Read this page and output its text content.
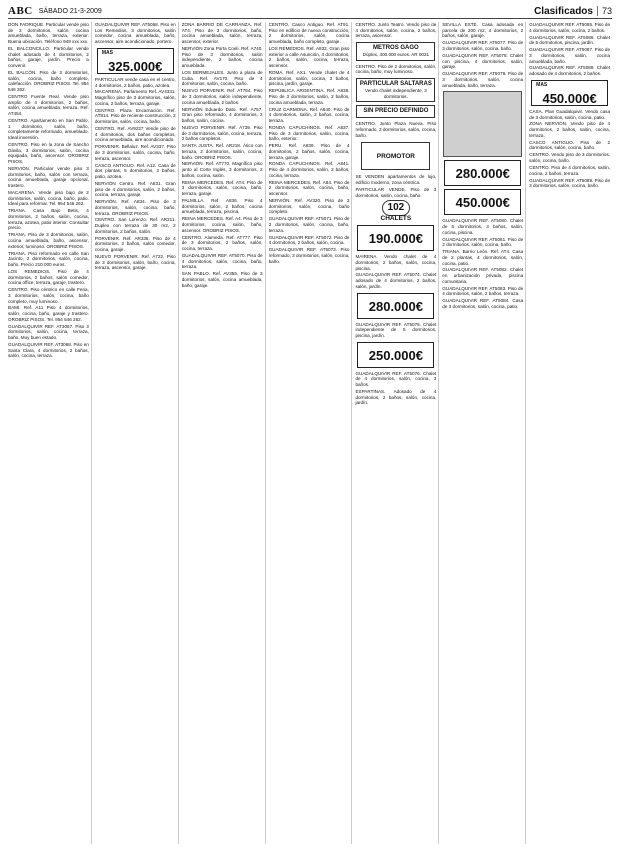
ABC SÁBADO 21-3-2009	Clasificados	73

DON FADRIQUE. Particular vende piso de 3 dormitorios, salón, cocina amueblada, baño, terraza, exterior. Buena ubicación. Teléfono 949 xxx xxx.

EL BALCONCILLO. Particular vende chalet adosado de 4 dormitorios, 2 baños, garaje, jardín. Precio a convenir.

EL BALCÓN. Piso de 3 dormitorios, salón, cocina, baño completo, calefacción. OROBRIZ PISOS. Tel. 954 546 262.

CENTRO Fuente Real. Vende piso amplio de 4 dormitorios, 2 baños, salón, cocina amueblada, terraza. Ref. AT454.

CENTRO. Apartamento en San Pablo, 1 dormitorio, salón, baño, completamente reformado, amueblado. Ideal inversión.

CENTRO. Piso en la zona de Sancho Dávila, 3 dormitorios, salón, cocina equipada, baño, ascensor. OROBRIZ PISOS.

NERVIÓN. Particular vende piso 3 dormitorios, baño, salón con terraza, cocina amueblada, garaje opcional, trastero.

MACARENA. Vende piso bajo de 2 dormitorios, salón, cocina, baño, patio. Ideal para reformar. Tel. 954 546 262.

TRIANA. Casa Bajo Betis, 4 dormitorios, 2 baños, salón, cocina, terraza, azotea, patio interior. Consultar precio.

TRIANA. Piso de 3 dormitorios, salón, cocina amueblada, baño, ascensor, exterior, luminoso. OROBRIZ PISOS.

TRIANA. Piso reformado en calle San Jacinto, 2 dormitorios, salón, cocina, baño. Precio 210.000 euros.

LOS REMEDIOS. Piso de 4 dormitorios, 2 baños, salón comedor, cocina office, terraza, garaje, trastero.

CENTRO. Piso céntrico en calle Feria, 3 dormitorios, salón, cocina, baño completo, muy luminoso.

BAMI. Ref. A11 Piso 4 dormitorios, salón, cocina, baño, garaje y trastero. OROBRIZ PISOS. Tel. 954 546 262.

GUADALQUIVIR REF. AT3067. Piso 3 dormitorios, salón, cocina, terraza, baño. Muy buen estado.

GUADALQUIVIR REF. AT3068. Piso en Santa Clara, 4 dormitorios, 2 baños, salón, cocina, terraza.

GUADALQUIVIR REF. AT5068. Piso en Los Remedios, 3 dormitorios, salón comedor, cocina amueblada, baño, ascensor, aire acondicionado, portero.

MAS
325.000€

PARTICULAR vende casa en el centro, 4 dormitorios, 2 baños, patio, azotea.

MACARENA. Parlamento Ref. AV4331. Magnífico piso de 3 dormitorios, salón, cocina, 2 baños, terraza, garaje.

CENTRO. Plaza Encarnación. Ref. AT814. Piso de reciente construcción, 2 dormitorios, salón, cocina, baño.

CENTRO. Ref. AV9227 Vende piso de 4 dormitorios, dos baños completos, cocina amueblada, aire acondicionado.

PORVENIR. Bellaluz. Ref. AV337. Piso de 3 dormitorios, salón, cocina, baño, terraza, ascensor.

CASCO ANTIGUO. Ref. A12. Casa de dos plantas, 5 dormitorios, 2 baños, patio, azotea.

NERVIÓN Centro. Ref. A831. Gran piso de 4 dormitorios, salón, 2 baños, cocina, terraza, garaje.

NERVIÓN. Ref. A834. Piso de 3 dormitorios, salón, cocina, baño, terraza. OROBRIZ PISOS.

CENTRO. San Lorenzo. Ref. AR211. Duplex con terraza de 30 m2, 2 dormitorios, 2 baños, salón.

PORVENIR. Ref. AR336. Piso de 4 dormitorios, 2 baños, salón comedor, cocina, garaje.

NUEVO PORVENIR. Ref. A722. Piso de 3 dormitorios, salón, baño, cocina, terraza, ascensor, garaje.

ZONA BARRIO DE CARRANZA. Ref. AT4. Piso de 3 dormitorios, baño, cocina amueblada, salón, terraza, ascensor, exterior.

NERVIÓN Zona Porta Coeli. Ref. A740. Piso de 3 dormitorios, salón independiente, 2 baños, cocina amueblada.

LOS BERMEJALES. Junto a plaza de Cuba. Ref. AV170. Piso de 4 dormitorios, salón, cocina, baño.

NUEVO PORVENIR. Ref. AT764. Piso de 3 dormitorios, salón independiente, cocina amueblada, 2 baños.

NERVIÓN Eduardo Dato. Ref. A757. Gran piso reformado, 4 dormitorios, 2 baños, salón, cocina.

NUEVO PORVENIR. Ref. A739. Piso de 3 dormitorios, salón, cocina, terraza, 2 baños completos.

SANTA JUSTA. Ref. AR218. Ático con terraza, 2 dormitorios, salón, cocina, baño. OROBRIZ PISOS.

NERVIÓN. Ref. AT770. Magnífico piso junto al Corte Inglés, 3 dormitorios, 2 baños, cocina, salón.

REINA MERCEDES. Ref. AT4. Piso de 3 dormitorios, salón, cocina, baño, terraza, garaje.

PALMILLA. Ref. A836. Piso 4 dormitorios, salón, 2 baños, cocina amueblada, terraza, piscina.

REINA MERCEDES. Ref. A4. Piso de 3 dormitorios, cocina, salón, baño, ascensor. OROBRIZ PISOS.

CENTRO. Alameda. Ref. AT777. Piso de 3 dormitorios, 2 baños, salón, cocina, terraza.

GUADALQUIVIR REF. AT5070. Piso de 4 dormitorios, salón, cocina, baño, terraza.

SAN PABLO. Ref. AV355. Piso de 3 dormitorios, salón, cocina amueblada, baño, garaje.

CENTRO. Casco Antiguo. Ref. AT91. Piso en edificio de nueva construcción, 2 dormitorios, salón, cocina amueblada, baño completo, garaje.

LOS REMEDIOS. Ref. A832. Gran piso exterior a calle Asunción, 4 dormitorios, 2 baños, salón, cocina, terraza, ascensor.

ROMA. Ref. AX1. Vende chalet de 4 dormitorios, salón, cocina, 3 baños, piscina, jardín, garaje.

REPÚBLICA ARGENTINA. Ref. A838. Piso de 3 dormitorios, salón, 2 baños, cocina amueblada, terraza.

CRUZ CARMONA. Ref. A840. Piso de 4 dormitorios, salón, 2 baños, cocina, terraza.

RONDA CAPUCHINOS. Ref. A837. Piso de 3 dormitorios, salón, cocina, baño, exterior.

PERU. Ref. A839. Piso de 4 dormitorios, 2 baños, salón, cocina, terraza, garaje.

RONDA CAPUCHINOS. Ref. A841. Piso de 4 dormitorios, salón, 2 baños, cocina, terraza.

REINA MERCEDES. Ref. A84. Piso de 2 dormitorios, salón, cocina, baño, ascensor.

NERVIÓN. Ref. AV320. Piso de 3 dormitorios, salón, cocina, baño completo.

GUADALQUIVIR REF. AT5071. Piso de 3 dormitorios, salón, cocina, baño, terraza.

GUADALQUIVIR REF. AT5072. Piso de 4 dormitorios, 2 baños, salón, cocina.

GUADALQUIVIR REF. AT5073. Piso reformado, 3 dormitorios, salón, cocina, baño.

CENTRO. Junto Teatro. Vendo piso de 4 dormitorios, salón, cocina, 2 baños, terraza, ascensor.

METROS GAGO
Dúplex, 400.000 euros. AR 0021

CENTRO. Piso de 2 dormitorios, salón, cocina, baño, muy luminoso.

PARTICULAR SALTARAS
Vendo chalet independiente, 3 dormitorios.
SIN PRECIO DEFINIDO

CENTRO. Junto Plaza Nueva. Piso reformado, 3 dormitorios, salón, cocina, baño.

PROMOTOR

SE VENDEN apartamentos de lujo, edificio moderno, zona céntrica.

PARTICULAR VENDE. Piso de 3 dormitorios, salón, cocina, baño.

102
CHALETS
190.000€

MAIRENA. Vendo chalet de 4 dormitorios, 2 baños, salón, cocina, piscina.

GUADALQUIVIR REF. AT5074. Chalet adosado de 4 dormitorios, 2 baños, salón, jardín.

280.000€

GUADALQUIVIR REF. AT5075. Chalet independiente de 5 dormitorios, piscina, jardín.

250.000€

GUADALQUIVIR REF. AT5076. Chalet de 4 dormitorios, salón, cocina, 3 baños.

ESPARTINAS. Adosado de 4 dormitorios, 2 baños, salón, cocina, jardín.

SEVILLA ESTE. Casa adosada en parcela de 200 m2, 4 dormitorios, 2 baños, salón, garaje.

GUADALQUIVIR REF. AT5077. Piso de 3 dormitorios, salón, cocina, baño.

GUADALQUIVIR REF. AT5078. Chalet con piscina, 4 dormitorios, salón, garaje.

GUADALQUIVIR REF. AT5079. Piso de 3 dormitorios, salón, cocina amueblada, baño, terraza.

280.000€
450.000€

GUADALQUIVIR REF. AT5080. Chalet de 5 dormitorios, 3 baños, salón, cocina, piscina.

GUADALQUIVIR REF. AT5081. Piso de 2 dormitorios, salón, cocina, baño.

TRIANA. Barrio León. Ref. AT4. Casa de 2 plantas, 4 dormitorios, salón, cocina, patio.

GUADALQUIVIR REF. AT5082. Chalet en urbanización privada, piscina comunitaria.

GUADALQUIVIR REF. AT5083. Piso de 4 dormitorios, salón, 2 baños, terraza.

GUADALQUIVIR REF. AT5084. Casa de 3 dormitorios, salón, cocina, patio.

GUADALQUIVIR REF. AT5085. Piso de 4 dormitorios, salón, cocina, 2 baños.

GUADALQUIVIR REF. AT5086. Chalet de 5 dormitorios, piscina, jardín.

GUADALQUIVIR REF. AT5087. Piso de 3 dormitorios, salón, cocina amueblada, baño.

GUADALQUIVIR REF. AT5088. Chalet adosado de 4 dormitorios, 2 baños.

MAS
450.000€

CASA. Plan Guadalquivir. Vendo casa de 3 dormitorios, salón, cocina, patio.

ZONA NERVIÓN. Vendo piso de 4 dormitorios, 2 baños, salón, cocina, terraza.

CASCO ANTIGUO. Piso de 2 dormitorios, salón, cocina, baño.

CENTRO. Vendo piso de 3 dormitorios, salón, cocina, baño.

CENTRO. Piso de 4 dormitorios, salón, cocina, 2 baños, terraza.

GUADALQUIVIR REF. AT5089. Piso de 3 dormitorios, salón, cocina, baño.
